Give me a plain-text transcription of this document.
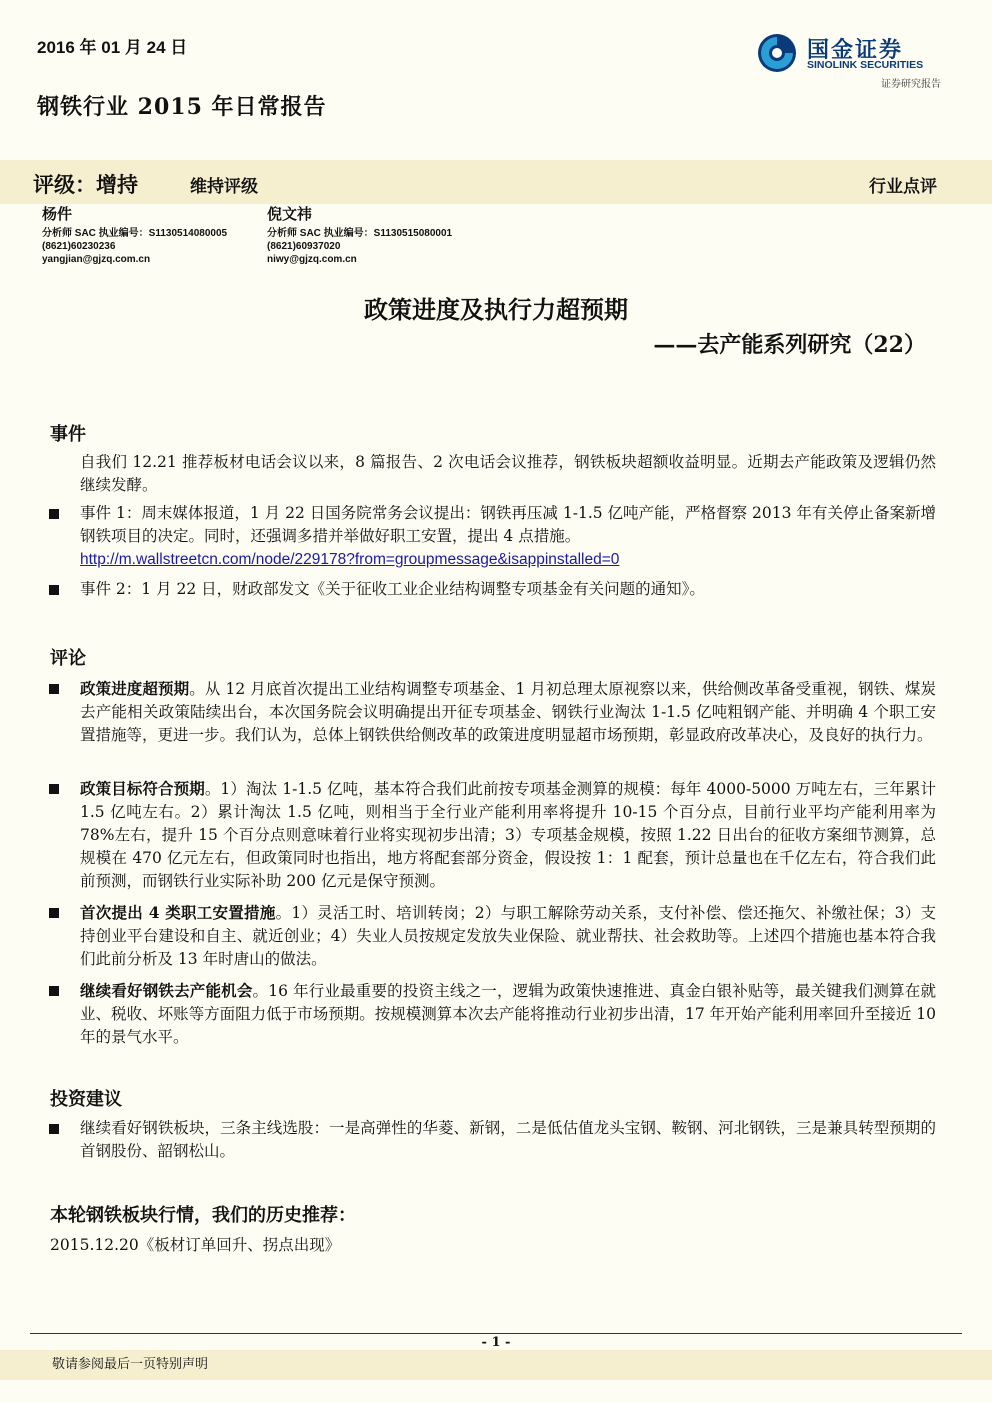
2016 年 01 月 24 日
钢铁行业 2015 年日常报告
国金证券
SINOLINK SECURITIES
证券研究报告
评级：增持	维持评级	行业点评
杨件
分析师 SAC 执业编号：S1130514080005
(8621)60230236
yangjian@gjzq.com.cn
倪文祎
分析师 SAC 执业编号：S1130515080001
(8621)60937020
niwy@gjzq.com.cn
政策进度及执行力超预期
——去产能系列研究（22）
事件
自我们 12.21 推荐板材电话会议以来，8 篇报告、2 次电话会议推荐，钢铁板块超额收益明显。近期去产能政策及逻辑仍然继续发酵。
事件 1：周末媒体报道，1 月 22 日国务院常务会议提出：钢铁再压减 1-1.5 亿吨产能，严格督察 2013 年有关停止备案新增钢铁项目的决定。同时，还强调多措并举做好职工安置，提出 4 点措施。
http://m.wallstreetcn.com/node/229178?from=groupmessage&isappinstalled=0
事件 2：1 月 22 日，财政部发文《关于征收工业企业结构调整专项基金有关问题的通知》。
评论
政策进度超预期。从 12 月底首次提出工业结构调整专项基金、1 月初总理太原视察以来，供给侧改革备受重视，钢铁、煤炭去产能相关政策陆续出台，本次国务院会议明确提出开征专项基金、钢铁行业淘汰 1-1.5 亿吨粗钢产能、并明确 4 个职工安置措施等，更进一步。我们认为，总体上钢铁供给侧改革的政策进度明显超市场预期，彰显政府改革决心，及良好的执行力。
政策目标符合预期。1）淘汰 1-1.5 亿吨，基本符合我们此前按专项基金测算的规模：每年 4000-5000 万吨左右，三年累计 1.5 亿吨左右。2）累计淘汰 1.5 亿吨，则相当于全行业产能利用率将提升 10-15 个百分点，目前行业平均产能利用率为 78%左右，提升 15 个百分点则意味着行业将实现初步出清；3）专项基金规模，按照 1.22 日出台的征收方案细节测算，总规模在 470 亿元左右，但政策同时也指出，地方将配套部分资金，假设按 1：1 配套，预计总量也在千亿左右，符合我们此前预测，而钢铁行业实际补助 200 亿元是保守预测。
首次提出 4 类职工安置措施。1）灵活工时、培训转岗；2）与职工解除劳动关系，支付补偿、偿还拖欠、补缴社保；3）支持创业平台建设和自主、就近创业；4）失业人员按规定发放失业保险、就业帮扶、社会救助等。上述四个措施也基本符合我们此前分析及 13 年时唐山的做法。
继续看好钢铁去产能机会。16 年行业最重要的投资主线之一，逻辑为政策快速推进、真金白银补贴等，最关键我们测算在就业、税收、坏账等方面阻力低于市场预期。按规模测算本次去产能将推动行业初步出清，17 年开始产能利用率回升至接近 10 年的景气水平。
投资建议
继续看好钢铁板块，三条主线选股：一是高弹性的华菱、新钢，二是低估值龙头宝钢、鞍钢、河北钢铁，三是兼具转型预期的首钢股份、韶钢松山。
本轮钢铁板块行情，我们的历史推荐：
2015.12.20《板材订单回升、拐点出现》
- 1 -
敬请参阅最后一页特别声明
